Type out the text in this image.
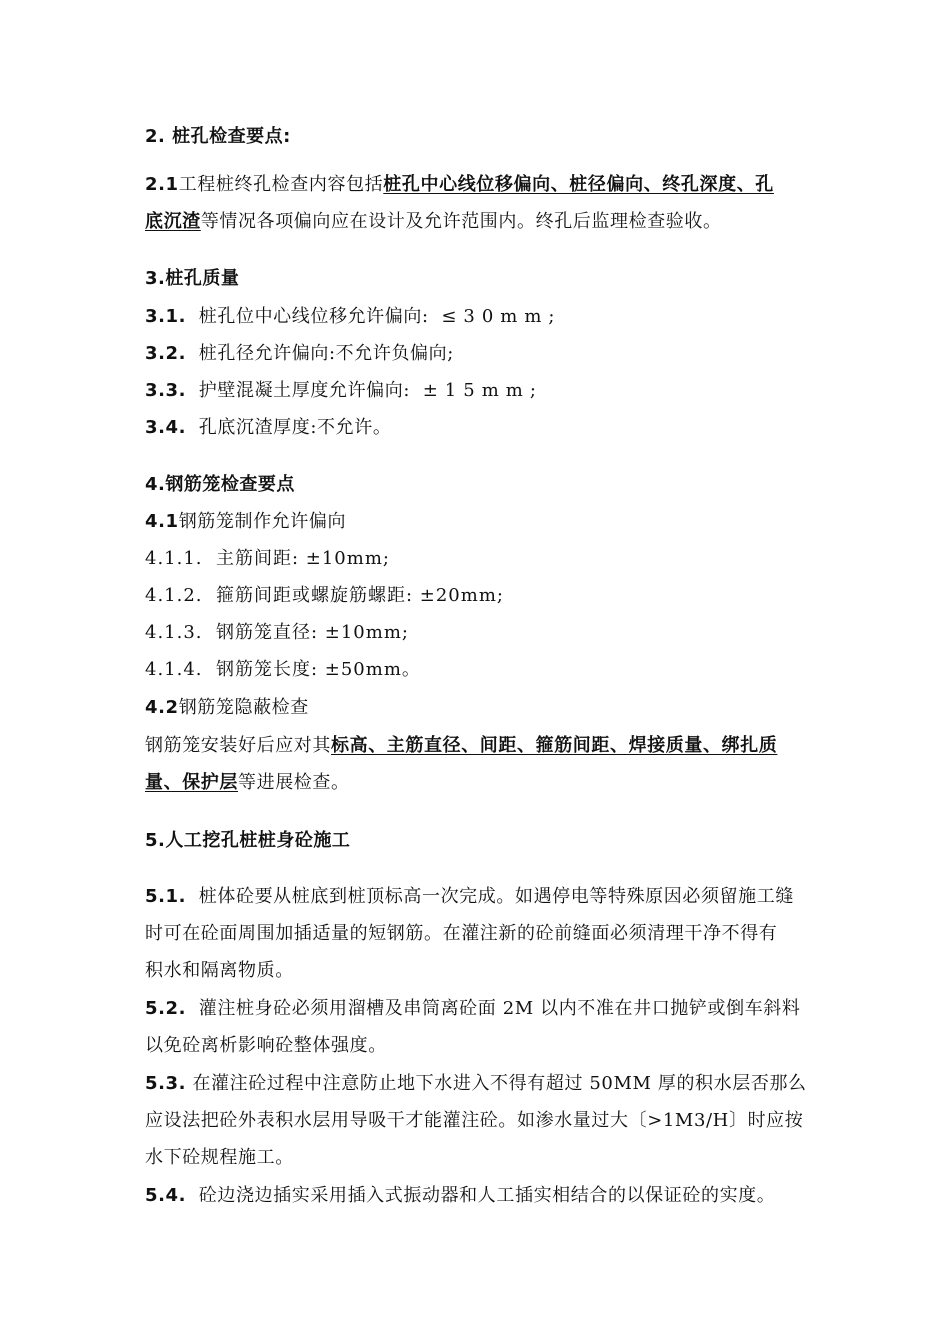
2. 桩孔检查要点:
2.1工程桩终孔检查内容包括桩孔中心线位移偏向、桩径偏向、终孔深度、孔
底沉渣等情况各项偏向应在设计及允许范围内。终孔后监理检查验收。
3.桩孔质量
3.1. 桩孔位中心线位移允许偏向: ≤30mm;
3.2. 桩孔径允许偏向:不允许负偏向;
3.3. 护壁混凝土厚度允许偏向: ±15mm;
3.4. 孔底沉渣厚度:不允许。
4.钢筋笼检查要点
4.1钢筋笼制作允许偏向
4.1.1. 主筋间距: ±10mm;
4.1.2. 箍筋间距或螺旋筋螺距: ±20mm;
4.1.3. 钢筋笼直径: ±10mm;
4.1.4. 钢筋笼长度: ±50mm。
4.2钢筋笼隐蔽检查
钢筋笼安装好后应对其标高、主筋直径、间距、箍筋间距、焊接质量、绑扎质
量、保护层等进展检查。
5.人工挖孔桩桩身砼施工
5.1. 桩体砼要从桩底到桩顶标高一次完成。如遇停电等特殊原因必须留施工缝
时可在砼面周围加插适量的短钢筋。在灌注新的砼前缝面必须清理干净不得有
积水和隔离物质。
5.2. 灌注桩身砼必须用溜槽及串筒离砼面 2M 以内不准在井口抛铲或倒车斜料
以免砼离析影响砼整体强度。
5.3. 在灌注砼过程中注意防止地下水进入不得有超过 50MM 厚的积水层否那么
应设法把砼外表积水层用导吸干才能灌注砼。如渗水量过大〔>1M3/H〕时应按
水下砼规程施工。
5.4. 砼边浇边插实采用插入式振动器和人工插实相结合的以保证砼的实度。
